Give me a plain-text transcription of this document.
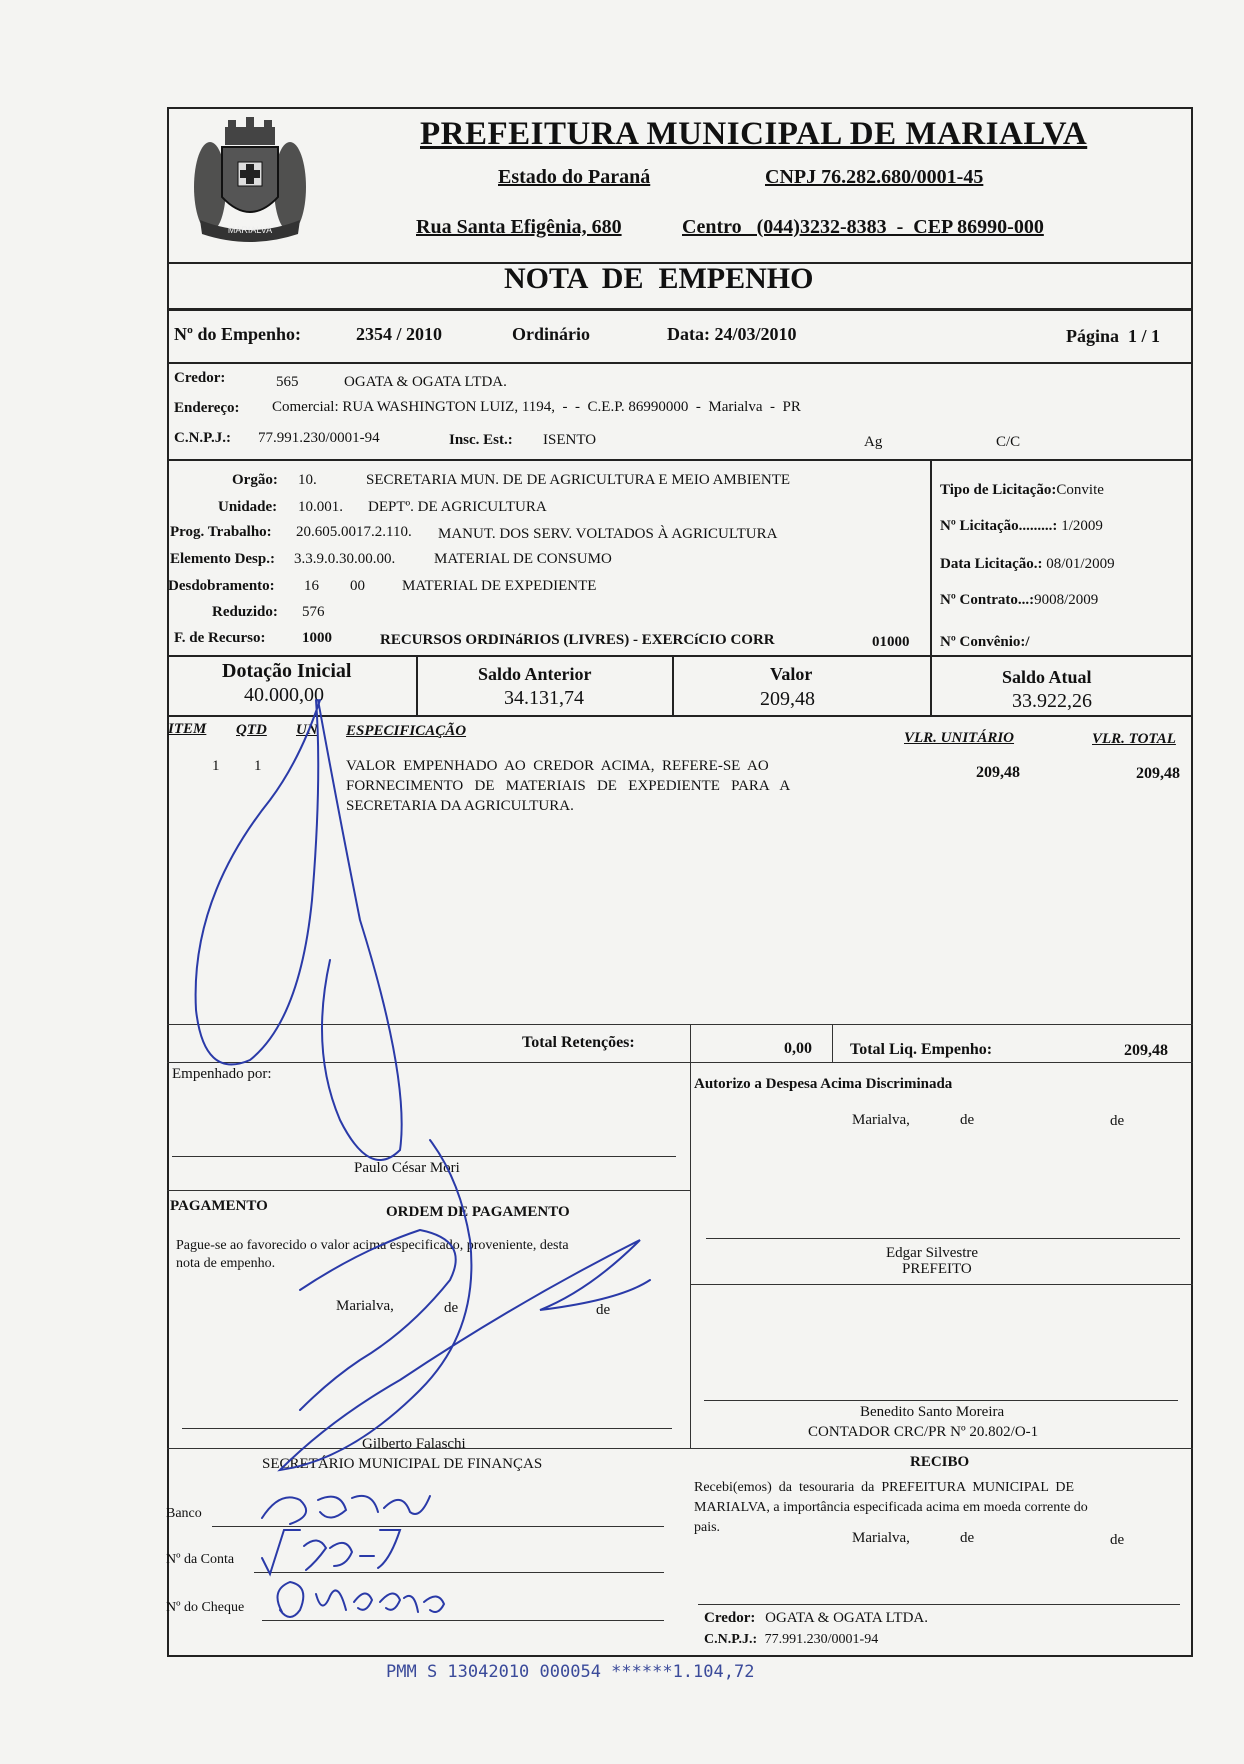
MARIALVA
PREFEITURA MUNICIPAL DE MARIALVA
Estado do Paraná	CNPJ 76.282.680/0001-45
Rua Santa Efigênia, 680	Centro   (044)3232-8383  -  CEP 86990-000
NOTA  DE  EMPENHO
Nº do Empenho:	2354 / 2010	Ordinário	Data: 24/03/2010	Página  1 / 1
Credor:	565	OGATA & OGATA LTDA.
Endereço: Comercial: RUA WASHINGTON LUIZ, 1194,  -  -  C.E.P. 86990000  -  Marialva  -  PR
C.N.P.J.: 77.991.230/0001-94	Insc. Est.: ISENTO	Ag	C/C
Orgão: 10.	SECRETARIA MUN. DE DE AGRICULTURA E MEIO AMBIENTE
Unidade: 10.001. DEPTº. DE AGRICULTURA
Prog. Trabalho: 20.605.0017.2.110. MANUT. DOS SERV. VOLTADOS À AGRICULTURA
Elemento Desp.: 3.3.9.0.30.00.00.	MATERIAL DE CONSUMO
Desdobramento: 16 00 MATERIAL DE EXPEDIENTE
Reduzido: 576
F. de Recurso: 1000	RECURSOS ORDINáRIOS (LIVRES) - EXERCíCIO CORR	01000
Tipo de Licitação:Convite
Nº Licitação.........: 1/2009
Data Licitação.: 08/01/2009
Nº Contrato...:9008/2009
Nº Convênio:/
Dotação Inicial
40.000,00
Saldo Anterior
34.131,74
Valor
209,48
Saldo Atual
33.922,26
ITEM QTD UN ESPECIFICAÇÃO	VLR. UNITÁRIO	VLR. TOTAL
1 1	VALOR  EMPENHADO  AO  CREDOR  ACIMA,  REFERE-SE  AO
FORNECIMENTO   DE   MATERIAIS   DE   EXPEDIENTE   PARA   A
SECRETARIA DA AGRICULTURA.
209,48	209,48
Total Retenções:	0,00 Total Liq. Empenho:	209,48
Empenhado por:
Paulo César Mori
Autorizo a Despesa Acima Discriminada
Marialva,	de	de
Edgar Silvestre
PREFEITO
PAGAMENTO	ORDEM DE PAGAMENTO
Pague-se ao favorecido o valor acima especificado, proveniente, desta
nota de empenho.
Marialva,	de	de
Gilberto Falaschi
SECRETÁRIO MUNICIPAL DE FINANÇAS
Benedito Santo Moreira
CONTADOR CRC/PR Nº 20.802/O-1
Banco
Nº da Conta
Nº do Cheque
RECIBO
Recebi(emos)  da  tesouraria  da  PREFEITURA  MUNICIPAL  DE
MARIALVA, a importância especificada acima em moeda corrente do
pais.
Marialva,	de	de
Credor: OGATA & OGATA LTDA.
C.N.P.J.: 77.991.230/0001-94
PMM S 13042010 000054 ******1.104,72
